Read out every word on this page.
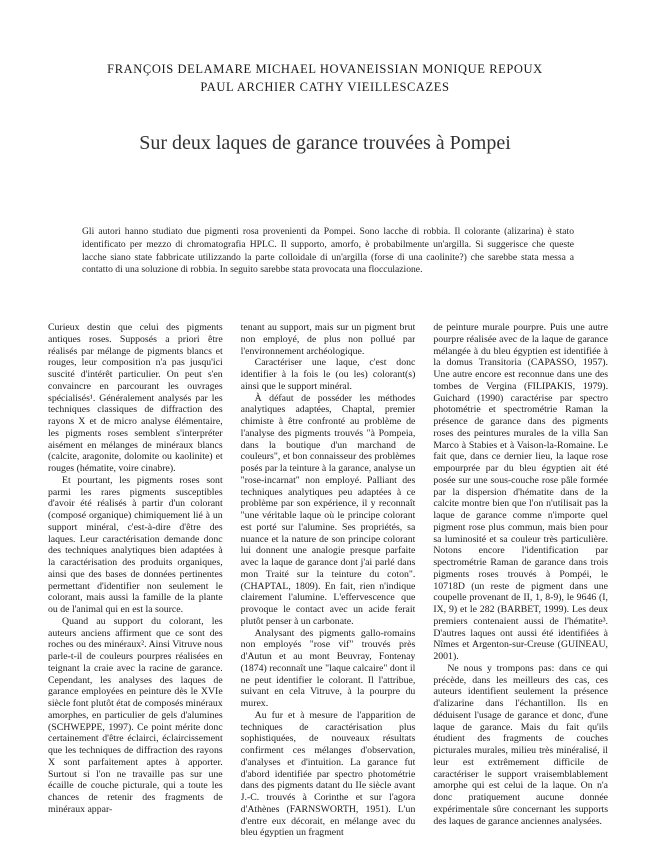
FRANÇOIS DELAMARE MICHAEL HOVANEISSIAN MONIQUE REPOUX
PAUL ARCHIER CATHY VIEILLESCAZES
Sur deux laques de garance trouvées à Pompei
Gli autori hanno studiato due pigmenti rosa provenienti da Pompei. Sono lacche di robbia. Il colorante (alizarina) è stato identificato per mezzo di chromatografia HPLC. Il supporto, amorfo, è probabilmente un'argilla. Si suggerisce che queste lacche siano state fabbricate utilizzando la parte colloidale di un'argilla (forse di una caolinite?) che sarebbe stata messa a contatto di una soluzione di robbia. In seguito sarebbe stata provocata una flocculazione.

Curieux destin que celui des pigments antiques roses. Supposés a priori être réalisés par mélange de pigments blancs et rouges, leur composition n'a pas jusqu'ici suscité d'intérêt particulier. On peut s'en convaincre en parcourant les ouvrages spécialisés¹. Généralement analysés par les techniques classiques de diffraction des rayons X et de micro analyse élémentaire, les pigments roses semblent s'interpréter aisément en mélanges de minéraux blancs (calcite, aragonite, dolomite ou kaolinite) et rouges (hématite, voire cinabre).

Et pourtant, les pigments roses sont parmi les rares pigments susceptibles d'avoir été réalisés à partir d'un colorant (composé organique) chimiquement lié à un support minéral, c'est-à-dire d'être des laques. Leur caractérisation demande donc des techniques analytiques bien adaptées à la caractérisation des produits organiques, ainsi que des bases de données pertinentes permettant d'identifier non seulement le colorant, mais aussi la famille de la plante ou de l'animal qui en est la source.

Quand au support du colorant, les auteurs anciens affirment que ce sont des roches ou des minéraux². Ainsi Vitruve nous parle-t-il de couleurs pourpres réalisées en teignant la craie avec la racine de garance. Cependant, les analyses des laques de garance employées en peinture dès le XVIe siècle font plutôt état de composés minéraux amorphes, en particulier de gels d'alumines (SCHWEPPE, 1997). Ce point mérite donc certainement d'être éclairci, éclaircissement que les techniques de diffraction des rayons X sont parfaitement aptes à apporter. Surtout si l'on ne travaille pas sur une écaille de couche picturale, qui a toute les chances de retenir des fragments de minéraux appar-

tenant au support, mais sur un pigment brut non employé, de plus non pollué par l'environnement archéologique.

Caractériser une laque, c'est donc identifier à la fois le (ou les) colorant(s) ainsi que le support minéral.

À défaut de posséder les méthodes analytiques adaptées, Chaptal, premier chimiste à être confronté au problème de l'analyse des pigments trouvés "à Pompeia, dans la boutique d'un marchand de couleurs", et bon connaisseur des problèmes posés par la teinture à la garance, analyse un "rose-incarnat" non employé. Palliant des techniques analytiques peu adaptées à ce problème par son expérience, il y reconnaît "une véritable laque où le principe colorant est porté sur l'alumine. Ses propriétés, sa nuance et la nature de son principe colorant lui donnent une analogie presque parfaite avec la laque de garance dont j'ai parlé dans mon Traité sur la teinture du coton". (CHAPTAL, 1809). En fait, rien n'indique clairement l'alumine. L'effervescence que provoque le contact avec un acide ferait plutôt penser à un carbonate.

Analysant des pigments gallo-romains non employés "rose vif" trouvés près d'Autun et au mont Beuvray, Fontenay (1874) reconnaît une "laque calcaire" dont il ne peut identifier le colorant. Il l'attribue, suivant en cela Vitruve, à la pourpre du murex.

Au fur et à mesure de l'apparition de techniques de caractérisation plus sophistiquées, de nouveaux résultats confirment ces mélanges d'observation, d'analyses et d'intuition. La garance fut d'abord identifiée par spectro photométrie dans des pigments datant du IIe siècle avant J.-C. trouvés à Corinthe et sur l'agora d'Athènes (FARNSWORTH, 1951). L'un d'entre eux décorait, en mélange avec du bleu égyptien un fragment

de peinture murale pourpre. Puis une autre pourpre réalisée avec de la laque de garance mélangée à du bleu égyptien est identifiée à la domus Transitoria (CAPASSO, 1957). Une autre encore est reconnue dans une des tombes de Vergina (FILIPAKIS, 1979). Guichard (1990) caractérise par spectro photométrie et spectrométrie Raman la présence de garance dans des pigments roses des peintures murales de la villa San Marco à Stabies et à Vaison-la-Romaine. Le fait que, dans ce dernier lieu, la laque rose empourprée par du bleu égyptien ait été posée sur une sous-couche rose pâle formée par la dispersion d'hématite dans de la calcite montre bien que l'on n'utilisait pas la laque de garance comme n'importe quel pigment rose plus commun, mais bien pour sa luminosité et sa couleur très particulière. Notons encore l'identification par spectrométrie Raman de garance dans trois pigments roses trouvés à Pompéi, le 10718D (un reste de pigment dans une coupelle provenant de II, 1, 8-9), le 9646 (I, IX, 9) et le 282 (BARBET, 1999). Les deux premiers contenaient aussi de l'hématite³. D'autres laques ont aussi été identifiées à Nîmes et Argenton-sur-Creuse (GUINEAU, 2001).

Ne nous y trompons pas: dans ce qui précède, dans les meilleurs des cas, ces auteurs identifient seulement la présence d'alizarine dans l'échantillon. Ils en déduisent l'usage de garance et donc, d'une laque de garance. Mais du fait qu'ils étudient des fragments de couches picturales murales, milieu très minéralisé, il leur est extrêmement difficile de caractériser le support vraisemblablement amorphe qui est celui de la laque. On n'a donc pratiquement aucune donnée expérimentale sûre concernant les supports des laques de garance anciennes analysées.
